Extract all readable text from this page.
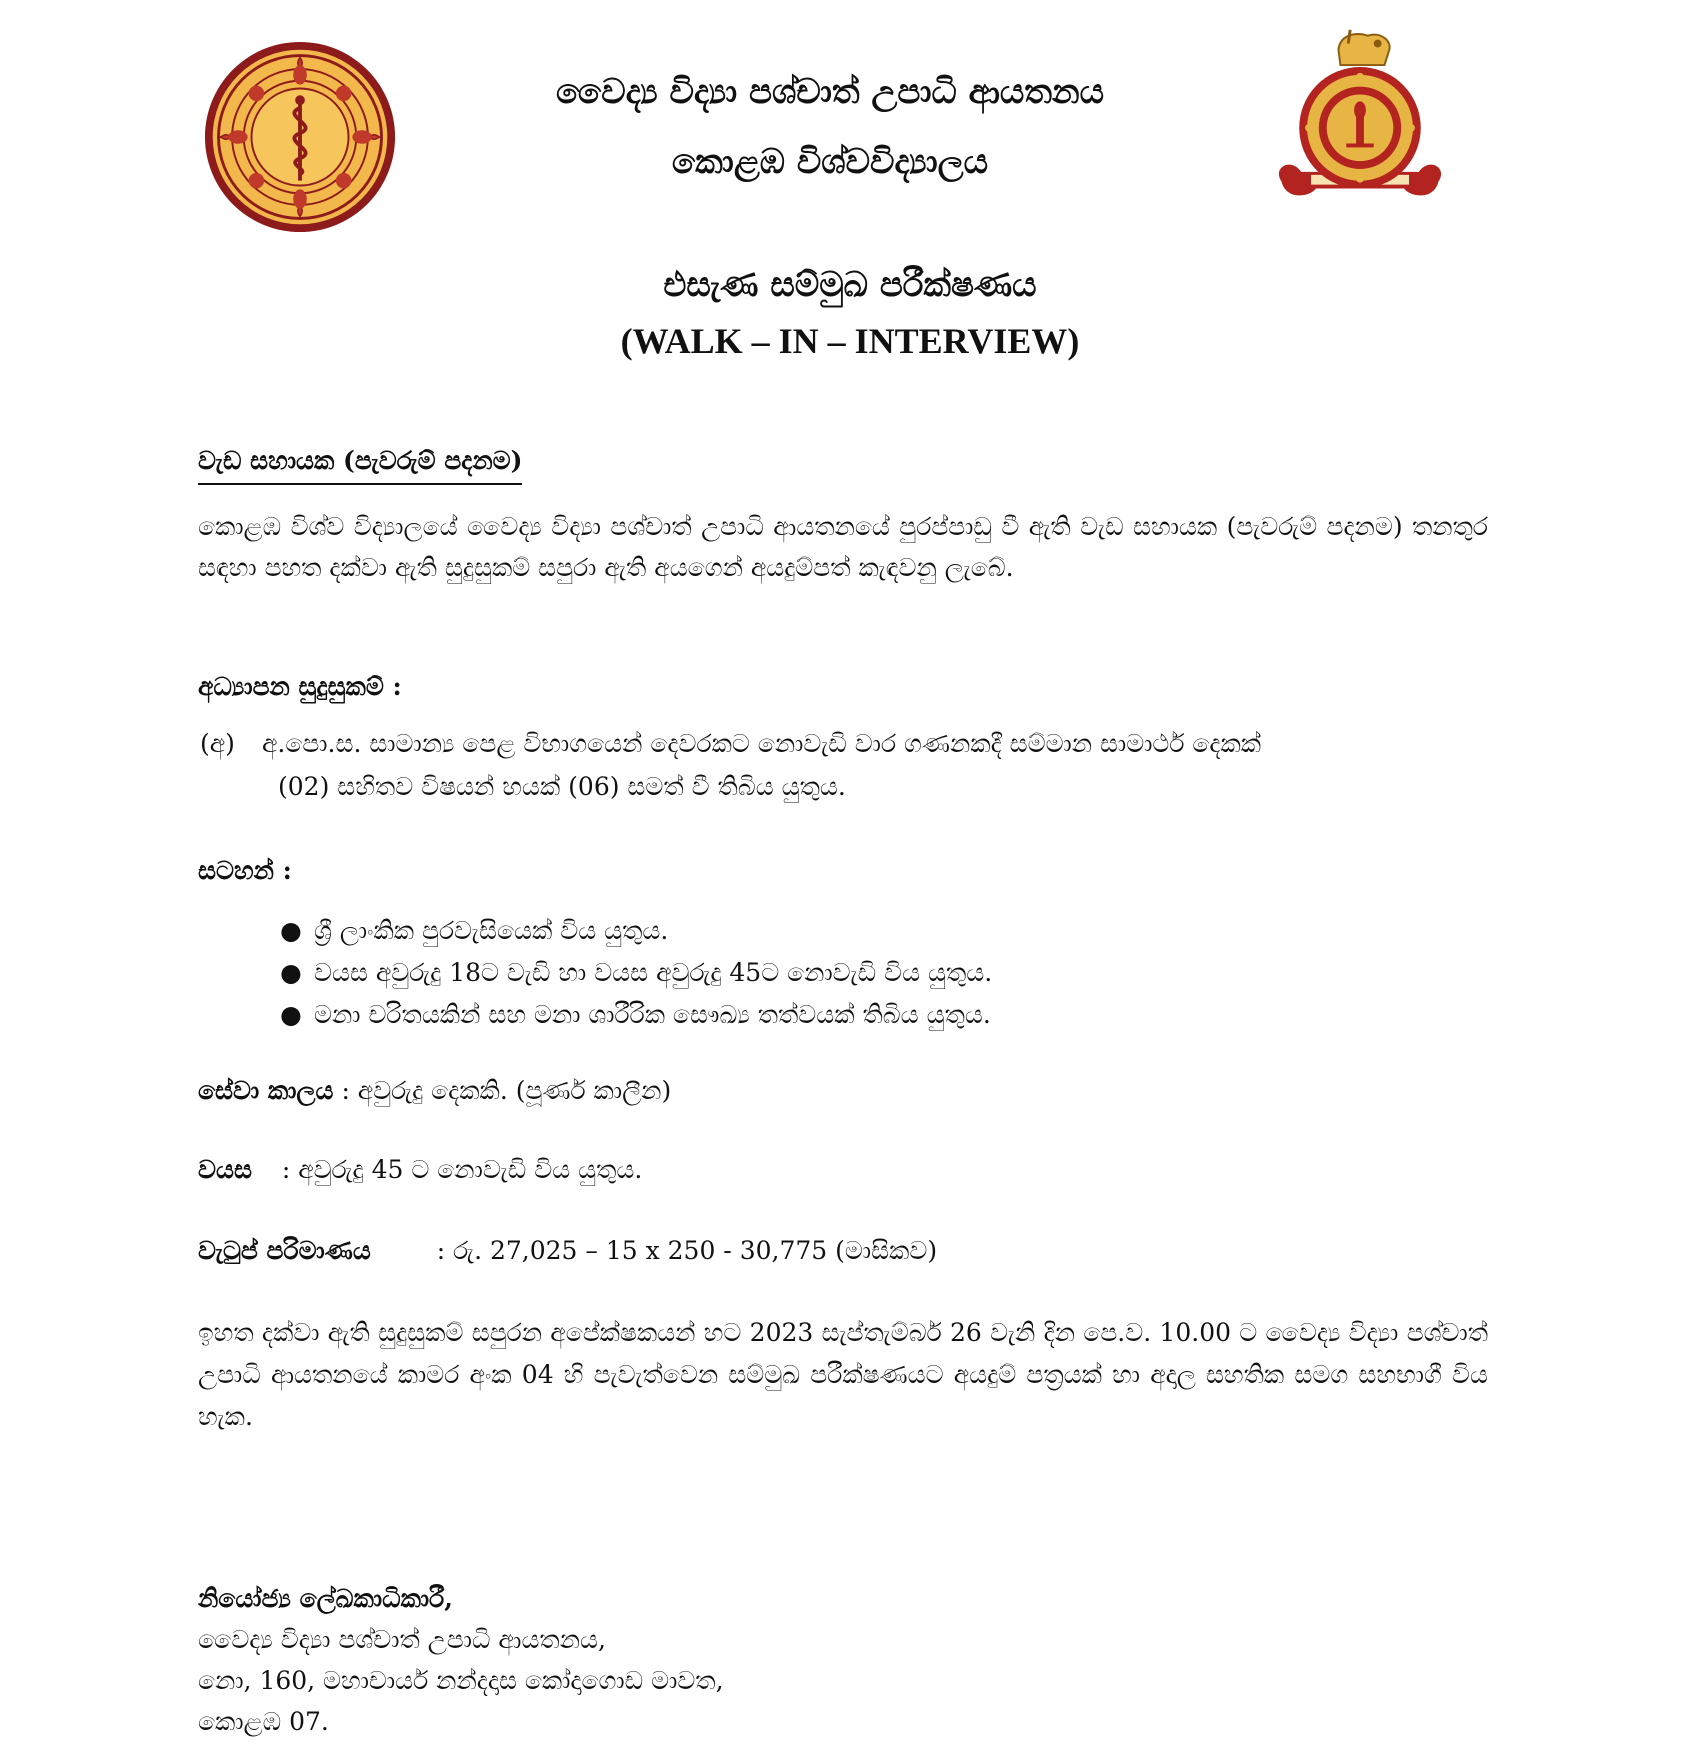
වෛද්‍ය විද්‍යා පශ්චාත් උපාධි ආයතනය
කොළඹ විශ්වවිද්‍යාලය
එසැණ සම්මුඛ පරීක්ෂණය
(WALK – IN – INTERVIEW)
වැඩ සහායක (පැවරුම් පදනම)
කොළඹ විශ්ව විද්‍යාලයේ වෛද්‍ය විද්‍යා පශ්චාත් උපාධි ආයතනයේ පුරප්පාඩු වී ඇති වැඩ සහායක (පැවරුම් පදනම) තනතුර සඳහා පහත දක්වා ඇති සුදුසුකම් සපුරා ඇති අයගෙන් අයදුම්පත් කැඳවනු ලැබේ.
අධ්‍යාපන සුදුසුකම් :
(අ) අ.පො.ස. සාමාන්‍ය පෙළ විභාගයෙන් දෙවරකට නොවැඩි වාර ගණනකදී සම්මාන සාමාර්ථ දෙකක්
(02) සහිතව විෂයන් හයක් (06) සමත් වී තිබිය යුතුය.
සටහන් :
● ශ්‍රී ලාංකික පුරවැසියෙක් විය යුතුය.
● වයස අවුරුදු 18ට වැඩි හා වයස අවුරුදු 45ට නොවැඩි විය යුතුය.
● මනා චරිතයකින් සහ මනා ශාරීරික සෞඛ්‍ය තත්වයක් තිබිය යුතුය.
සේවා කාලය : අවුරුදු දෙකකි. (පූර්ණ කාලීන)
වයස : අවුරුදු 45 ට නොවැඩි විය යුතුය.
වැටුප් පරිමාණය	: රු. 27,025 – 15 x 250 - 30,775 (මාසිකව)
ඉහත දක්වා ඇති සුදුසුකම් සපුරන අපේක්ෂකයන් හට 2023 සැප්තැම්බර් 26 වැනි දින පෙ.ව. 10.00 ට වෛද්‍ය විද්‍යා පශ්චාත් උපාධි ආයතනයේ කාමර අංක 04 හි පැවැත්වෙන සම්මුඛ පරීක්ෂණයට අයදුම් පත්‍රයක් හා අදාල සහතික සමග සහභාගී විය හැක.
නියෝජ්‍ය ලේඛකාධිකාරී,
වෛද්‍ය විද්‍යා පශ්චාත් උපාධි ආයතනය,
නො, 160, මහාචාර්ය නන්දදාස කෝදාගොඩ මාවත,
කොළඹ 07.
